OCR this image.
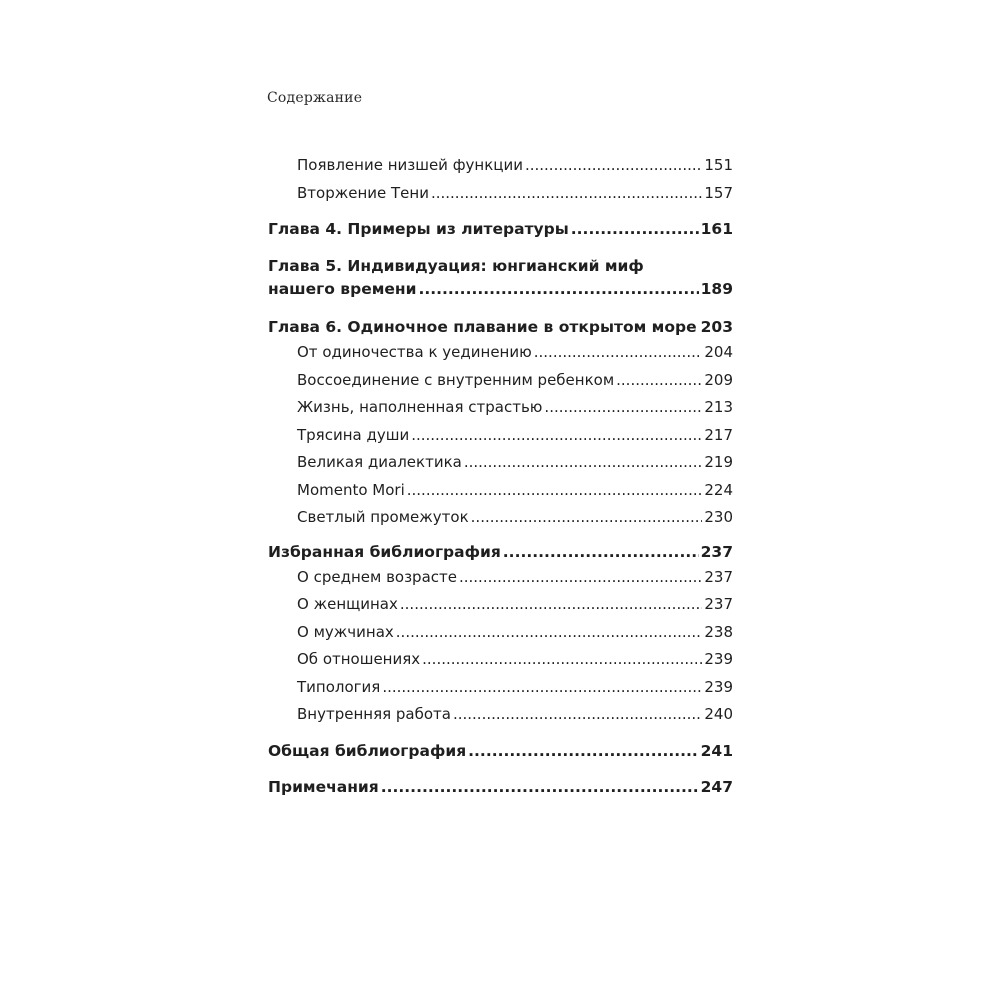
Содержание
Появление низшей функции .....	151
Вторжение Тени .....	157
Глава 4. Примеры из литературы .....	161
Глава 5. Индивидуация: юнгианский миф
нашего времени .....	189
Глава 6. Одиночное плавание в открытом море ..... 203
От одиночества к уединению .....	204
Воссоединение с внутренним ребенком .....	209
Жизнь, наполненная страстью .....	213
Трясина души .....	217
Великая диалектика .....	219
Momento Mori .....	224
Светлый промежуток .....	230
Избранная библиография .....	237
О среднем возрасте .....	237
О женщинах .....	237
О мужчинах .....	238
Об отношениях .....	239
Типология .....	239
Внутренняя работа .....	240
Общая библиография .....	241
Примечания .....	247
